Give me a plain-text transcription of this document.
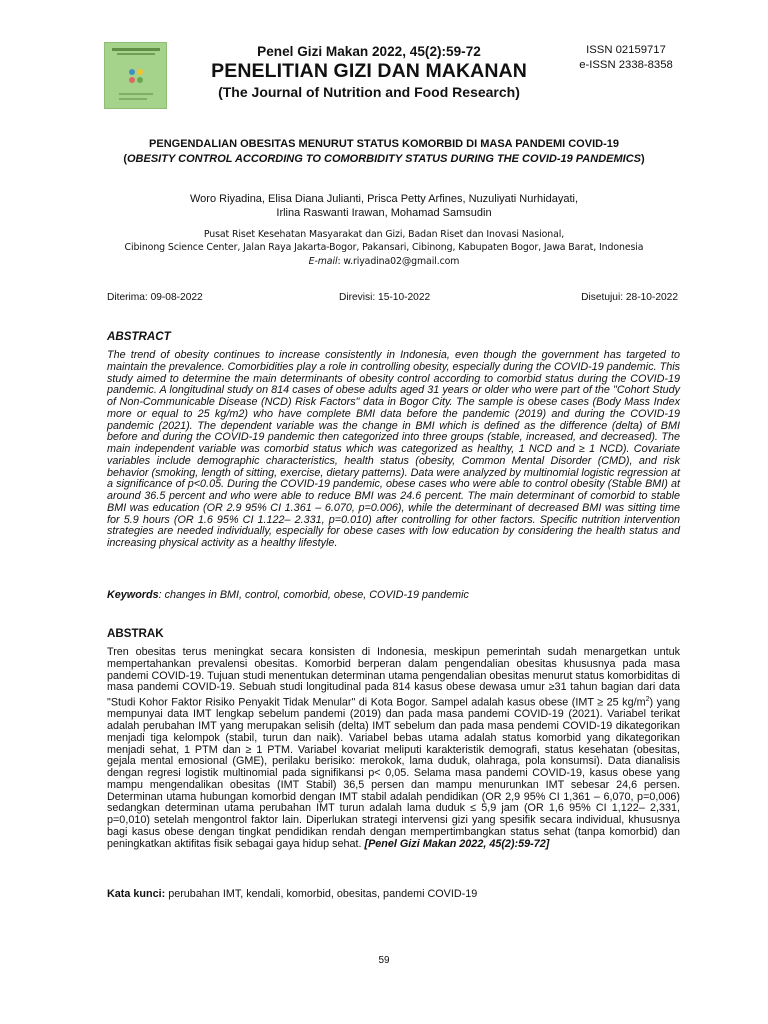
Penel Gizi Makan 2022, 45(2):59-72
PENELITIAN GIZI DAN MAKANAN
(The Journal of Nutrition and Food Research)
ISSN 02159717
e-ISSN 2338-8358
PENGENDALIAN OBESITAS MENURUT STATUS KOMORBID DI MASA PANDEMI COVID-19
(OBESITY CONTROL ACCORDING TO COMORBIDITY STATUS DURING THE COVID-19 PANDEMICS)
Woro Riyadina, Elisa Diana Julianti, Prisca Petty Arfines, Nuzuliyati Nurhidayati,
Irlina Raswanti Irawan, Mohamad Samsudin
Pusat Riset Kesehatan Masyarakat dan Gizi, Badan Riset dan Inovasi Nasional,
Cibinong Science Center, Jalan Raya Jakarta-Bogor, Pakansari, Cibinong, Kabupaten Bogor, Jawa Barat, Indonesia
E-mail: w.riyadina02@gmail.com
Diterima: 09-08-2022	Direvisi: 15-10-2022	Disetujui: 28-10-2022
ABSTRACT

The trend of obesity continues to increase consistently in Indonesia, even though the government has targeted to maintain the prevalence. Comorbidities play a role in controlling obesity, especially during the COVID-19 pandemic. This study aimed to determine the main determinants of obesity control according to comorbid status during the COVID-19 pandemic. A longitudinal study on 814 cases of obese adults aged 31 years or older who were part of the "Cohort Study of Non-Communicable Disease (NCD) Risk Factors" data in Bogor City. The sample is obese cases (Body Mass Index more or equal to 25 kg/m2) who have complete BMI data before the pandemic (2019) and during the COVID-19 pandemic (2021). The dependent variable was the change in BMI which is defined as the difference (delta) of BMI before and during the COVID-19 pandemic then categorized into three groups (stable, increased, and decreased). The main independent variable was comorbid status which was categorized as healthy, 1 NCD and ≥ 1 NCD). Covariate variables include demographic characteristics, health status (obesity, Common Mental Disorder (CMD), and risk behavior (smoking, length of sitting, exercise, dietary patterns). Data were analyzed by multinomial logistic regression at a significance of p<0.05. During the COVID-19 pandemic, obese cases who were able to control obesity (Stable BMI) at around 36.5 percent and who were able to reduce BMI was 24.6 percent. The main determinant of comorbid to stable BMI was education (OR 2.9 95% CI 1.361 – 6.070, p=0.006), while the determinant of decreased BMI was sitting time for 5.9 hours (OR 1.6 95% CI 1.122– 2.331, p=0.010) after controlling for other factors. Specific nutrition intervention strategies are needed individually, especially for obese cases with low education by considering the health status and increasing physical activity as a healthy lifestyle.

Keywords: changes in BMI, control, comorbid, obese, COVID-19 pandemic

ABSTRAK

Tren obesitas terus meningkat secara konsisten di Indonesia, meskipun pemerintah sudah menargetkan untuk mempertahankan prevalensi obesitas. Komorbid berperan dalam pengendalian obesitas khususnya pada masa pandemi COVID-19. Tujuan studi menentukan determinan utama pengendalian obesitas menurut status komorbiditas di masa pandemi COVID-19. Sebuah studi longitudinal pada 814 kasus obese dewasa umur ≥31 tahun bagian dari data "Studi Kohor Faktor Risiko Penyakit Tidak Menular" di Kota Bogor. Sampel adalah kasus obese (IMT ≥ 25 $kg/m^2$) yang mempunyai data IMT lengkap sebelum pandemi (2019) dan pada masa pandemi COVID-19 (2021). Variabel terikat adalah perubahan IMT yang merupakan selisih (delta) IMT sebelum dan pada masa pendemi COVID-19 dikategorikan menjadi tiga kelompok (stabil, turun dan naik). Variabel bebas utama adalah status komorbid yang dikategorikan menjadi sehat, 1 PTM dan ≥ 1 PTM. Variabel kovariat meliputi karakteristik demografi, status kesehatan (obesitas, gejala mental emosional (GME), perilaku berisiko: merokok, lama duduk, olahraga, pola konsumsi). Data dianalisis dengan regresi logistik multinomial pada signifikansi p< 0,05. Selama masa pandemi COVID-19, kasus obese yang mampu mengendalikan obesitas (IMT Stabil) 36,5 persen dan mampu menurunkan IMT sebesar 24,6 persen. Determinan utama hubungan komorbid dengan IMT stabil adalah pendidikan (OR 2,9 95% CI 1,361 – 6,070, p=0,006) sedangkan determinan utama perubahan IMT turun adalah lama duduk ≤ 5,9 jam (OR 1,6 95% CI 1,122– 2,331, p=0,010) setelah mengontrol faktor lain. Diperlukan strategi intervensi gizi yang spesifik secara individual, khususnya bagi kasus obese dengan tingkat pendidikan rendah dengan mempertimbangkan status sehat (tanpa komorbid) dan peningkatkan aktifitas fisik sebagai gaya hidup sehat. [Penel Gizi Makan 2022, 45(2):59-72]

Kata kunci: perubahan IMT, kendali, komorbid, obesitas, pandemi COVID-19

59
